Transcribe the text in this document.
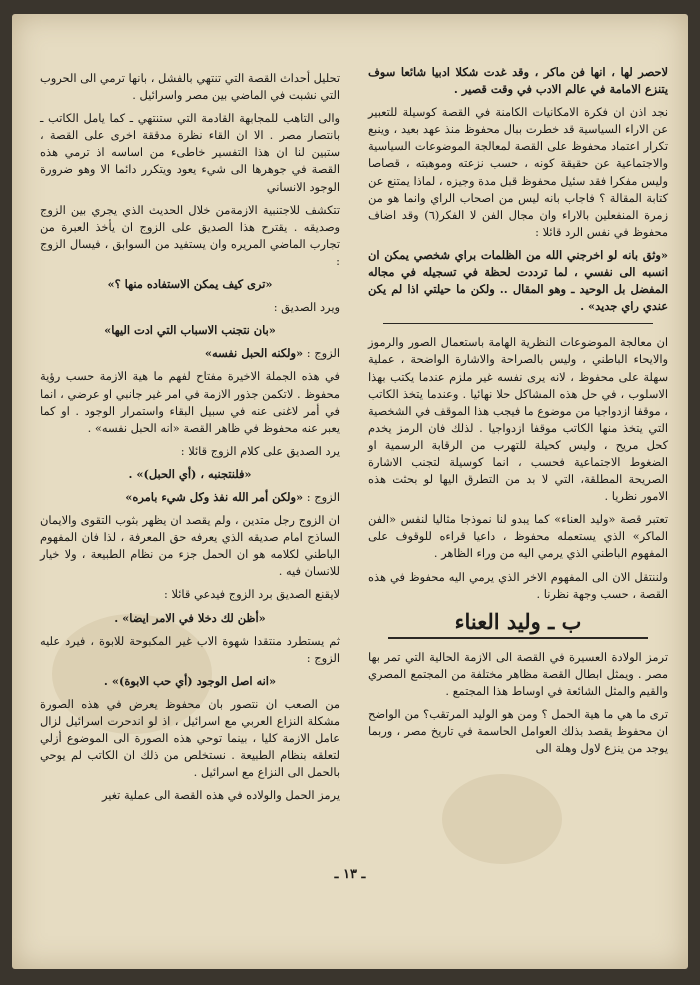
لاحصر لها ، انها فن ماكر ، وقد غدت شكلا ادبيا شائعا سوف يتنزع الامامة في عالم الادب في وقت قصير .

نجد اذن ان فكرة الامكانيات الكامنة في القصة كوسيلة للتعبير عن الاراء السياسية قد خطرت ببال محفوظ منذ عهد بعيد ، وينبع تكرار اعتماد محفوظ على القصة لمعالجة الموضوعات السياسية والاجتماعية عن حقيقة كونه ، حسب نزعته وموهبته ، قصاصا وليس مفكرا فقد سئيل محفوظ قبل مدة وجيزه ، لماذا يمتنع عن كتابة المقالة ؟ فاجاب بانه ليس من اصحاب الراي وانما هو من زمرة المنفعلين بالاراء وان مجال الفن لا الفكر(٦) وقد اضاف محفوظ في نفس الرد قائلا :

«وثق بانه لو اخرجني الله من الظلمات براي شخصي يمكن ان انسبه الى نفسي ، لما ترددت لحظة في تسجيله في مجاله المفضل بل الوحيد ـ وهو المقال .. ولكن ما حيلتي اذا لم يكن عندي راي جديد» .

ان معالجة الموضوعات النظرية الهامة باستعمال الصور والرموز والايحاء الباطني ، وليس بالصراحة والاشارة الواضحة ، عملية سهلة على محفوظ ، لانه يرى نفسه غير ملزم عندما يكتب بهذا الاسلوب ، في حل هذه المشاكل حلا نهائيا . وعندما يتخذ الكاتب ، موقفا ازدواجيا من موضوع ما فيجب هذا الموقف في الشخصية التي يتخذ منها الكاتب موقفا ازدواجيا . لذلك فان الرمز يخدم كحل مريح ، وليس كحيلة للتهرب من الرقابة الرسمية او الضغوط الاجتماعية فحسب ، انما كوسيلة لتجنب الاشارة الصريحة المطلقة، التي لا بد من التطرق اليها لو بحثت هذه الامور نظريا .

تعتبر قصة «وليد العناء» كما يبدو لنا نموذجا مثاليا لنفس «الفن الماكر» الذي يستعمله محفوظ ، داعيا قراءه للوقوف على المفهوم الباطني الذي يرمي اليه من وراء الظاهر .

ولننتقل الان الى المفهوم الاخر الذي يرمي اليه محفوظ في هذه القصة ، حسب وجهة نظرنا .

ب ـ وليد العناء

ترمز الولادة العسيرة في القصة الى الازمة الحالية التي تمر بها مصر . ويمثل ابطال القصة مظاهر مختلفة من المجتمع المصري والقيم والمثل الشائعة في اوساط هذا المجتمع .

ترى ما هي ما هية الحمل ؟ ومن هو الوليد المرتقب؟ من الواضح ان محفوظ يقصد بذلك العوامل الحاسمة في تاريخ مصر ، وربما يوجد من ينزع لاول وهلة الى

تحليل أحداث القصة التي تنتهي بالفشل ، بانها ترمي الى الحروب التي نشبت في الماضي بين مصر واسرائيل .

والى التاهب للمجابهة القادمة التي ستنتهي ـ كما يامل الكاتب ـ بانتصار مصر . الا ان القاء نظرة مدققة اخرى على القصة ، ستبين لنا ان هذا التفسير خاطىء من اساسه اذ ترمي هذه القصة في جوهرها الى شيء يعود ويتكرر دائما الا وهو ضرورة الوجود الانساني

تتكشف للاجتنبية الازمةمن خلال الحديث الذي يجري بين الزوج وصديقه . يقترح هذا الصديق على الزوج ان يأخذ العبرة من تجارب الماضي المريره وان يستفيد من السوابق ، فيسال الزوج :

«ترى كيف يمكن الاستفاده منها ؟»

ويرد الصديق :

«بان نتجنب الاسباب التي ادت اليها»

الزوج : «ولكنه الحبل نفسه»

في هذه الجملة الاخيرة مفتاح لفهم ما هية الازمة حسب رؤية محفوظ . لاتكمن جذور الازمة في امر غير جانبي او عرضي ، انما في أمر لاغنى عنه في سبيل البقاء واستمرار الوجود . او كما يعبر عنه محفوظ في ظاهر القصة «انه الحبل نفسه» .

يرد الصديق على كلام الزوج قائلا :

«فلنتجنبه ، (أي الحبل)» .

الزوج : «ولكن أمر الله نفذ وكل شيء بامره»

ان الزوج رجل متدين ، ولم يقصد ان يظهر بثوب التقوى والايمان الساذج امام صديقه الذي يعرفه حق المعرفة ، لذا فان المفهوم الباطني لكلامه هو ان الحمل جزء من نظام الطبيعة ، ولا خيار للانسان فيه .

لايقنع الصديق برد الزوج فيدعي قائلا :

«أظن لك دخلا في الامر ايضا» .

ثم يستطرد منتقدا شهوة الاب غير المكبوحة للابوة ، فيرد عليه الزوج :

«انه اصل الوجود (أي حب الابوة)» .

من الصعب ان نتصور بان محفوظ يعرض في هذه الصورة مشكلة النزاع العربي مع اسرائيل ، اذ لو اندحرت اسرائيل لزال عامل الازمة كليا ، بينما توحي هذه الصورة الى الموضوع أزلي لتعلقه بنظام الطبيعة . نستخلص من ذلك ان الكاتب لم يوحي بالحمل الى النزاع مع اسرائيل .

يرمز الحمل والولاده في هذه القصة الى عملية تغير

ـ ١٣ ـ
